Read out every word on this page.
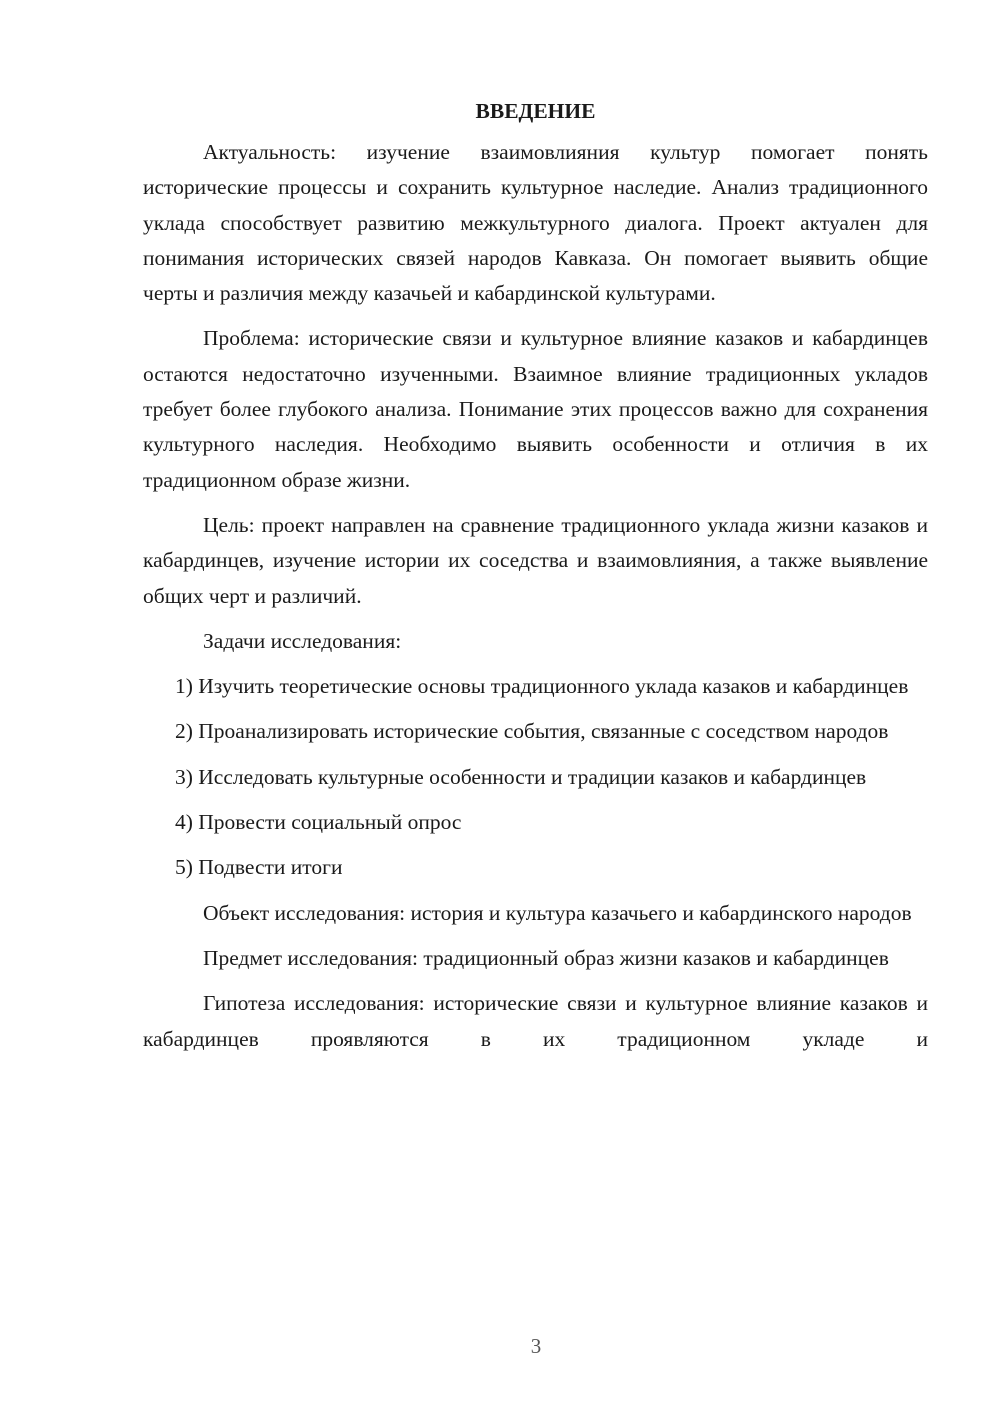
ВВЕДЕНИЕ

Актуальность: изучение взаимовлияния культур помогает понять исторические процессы и сохранить культурное наследие. Анализ традиционного уклада способствует развитию межкультурного диалога. Проект актуален для понимания исторических связей народов Кавказа. Он помогает выявить общие черты и различия между казачьей и кабардинской культурами.

Проблема: исторические связи и культурное влияние казаков и кабардинцев остаются недостаточно изученными. Взаимное влияние традиционных укладов требует более глубокого анализа. Понимание этих процессов важно для сохранения культурного наследия. Необходимо выявить особенности и отличия в их традиционном образе жизни.

Цель: проект направлен на сравнение традиционного уклада жизни казаков и кабардинцев, изучение истории их соседства и взаимовлияния, а также выявление общих черт и различий.

Задачи исследования:

1) Изучить теоретические основы традиционного уклада казаков и кабардинцев

2) Проанализировать исторические события, связанные с соседством народов

3) Исследовать культурные особенности и традиции казаков и кабардинцев

4) Провести социальный опрос

5) Подвести итоги

Объект исследования: история и культура казачьего и кабардинского народов

Предмет исследования: традиционный образ жизни казаков и кабардинцев

Гипотеза исследования: исторические связи и культурное влияние казаков и кабардинцев проявляются в их традиционном укладе и

3
